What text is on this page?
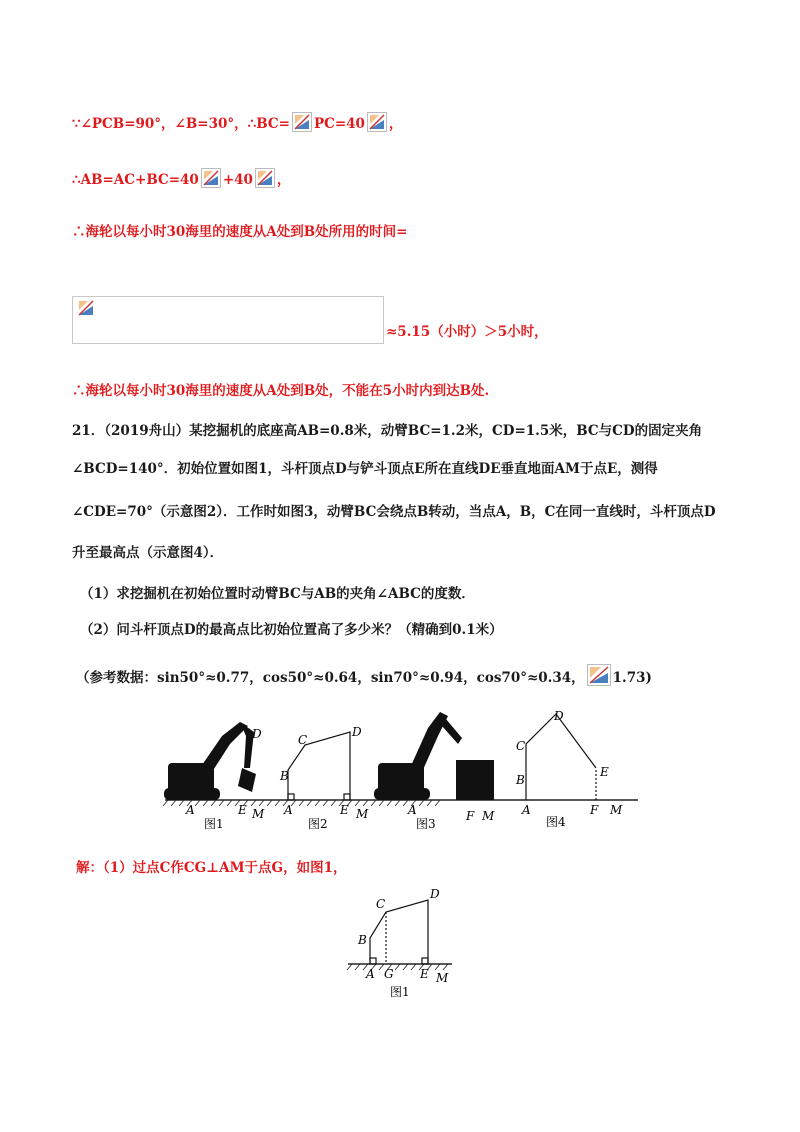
∵∠PCB=90°，∠B=30°，∴BC= PC=40 ，
∴AB=AC+BC=40 +40 ，
∴海轮以每小时30海里的速度从A处到B处所用的时间=
≈5.15（小时）＞5小时，
∴海轮以每小时30海里的速度从A处到B处，不能在5小时内到达B处.
21．（2019舟山）某挖掘机的底座高AB=0.8米，动臂BC=1.2米，CD=1.5米，BC与CD的固定夹角
∠BCD=140°．初始位置如图1，斗杆顶点D与铲斗顶点E所在直线DE垂直地面AM于点E，测得
∠CDE=70°（示意图2）．工作时如图3，动臂BC会绕点B转动，当点A，B，C在同一直线时，斗杆顶点D
升至最高点（示意图4）．
（1）求挖掘机在初始位置时动臂BC与AB的夹角∠ABC的度数．
（2）问斗杆顶点D的最高点比初始位置高了多少米？（精确到0.1米）
（参考数据：sin50°≈0.77，cos50°≈0.64，sin70°≈0.94，cos70°≈0.34， 1.73)
D
A	E M
图1
C
B
D
A	E M
图2
A	F M
图3
C
B
D
E
A	F M
图4
解：（1）过点C作CG⊥AM于点G，如图1，
C
B
D
A G E M
图1
